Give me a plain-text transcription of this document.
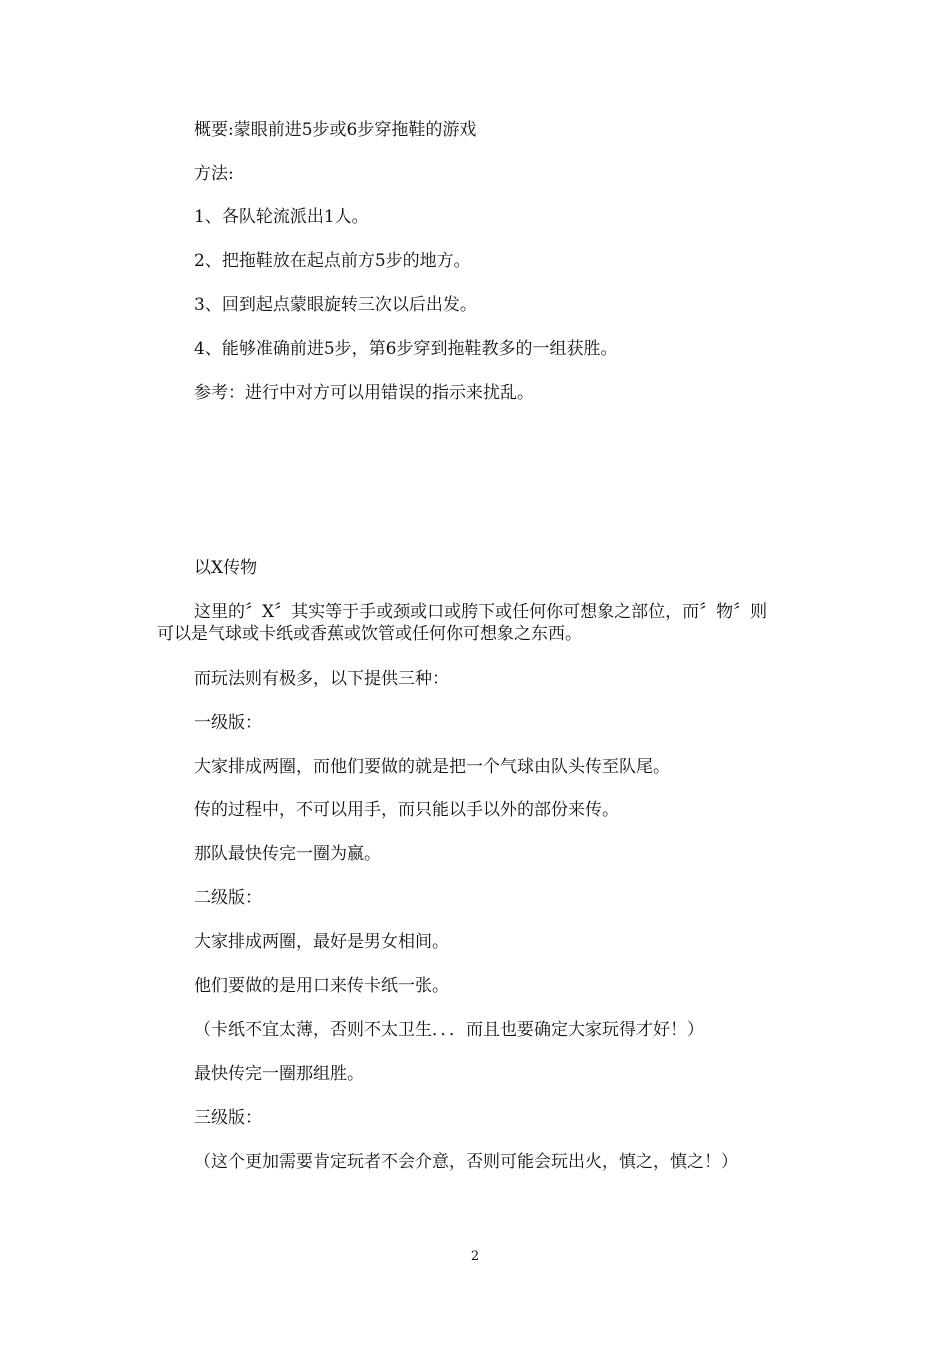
概要:蒙眼前进5步或6步穿拖鞋的游戏
方法:
1、各队轮流派出1人。
2、把拖鞋放在起点前方5步的地方。
3、回到起点蒙眼旋转三次以后出发。
4、能够准确前进5步，第6步穿到拖鞋教多的一组获胜。
参考：进行中对方可以用错误的指示来扰乱。
以X传物
这里的〞X〞其实等于手或颈或口或胯下或任何你可想象之部位，而〞物〞则可以是气球或卡纸或香蕉或饮管或任何你可想象之东西。
而玩法则有极多，以下提供三种：
一级版：
大家排成两圈，而他们要做的就是把一个气球由队头传至队尾。
传的过程中，不可以用手，而只能以手以外的部份来传。
那队最快传完一圈为嬴。
二级版：
大家排成两圈，最好是男女相间。
他们要做的是用口来传卡纸一张。
（卡纸不宜太薄，否则不太卫生．．．而且也要确定大家玩得才好！）
最快传完一圈那组胜。
三级版：
（这个更加需要肯定玩者不会介意，否则可能会玩出火，慎之，慎之！）
2
